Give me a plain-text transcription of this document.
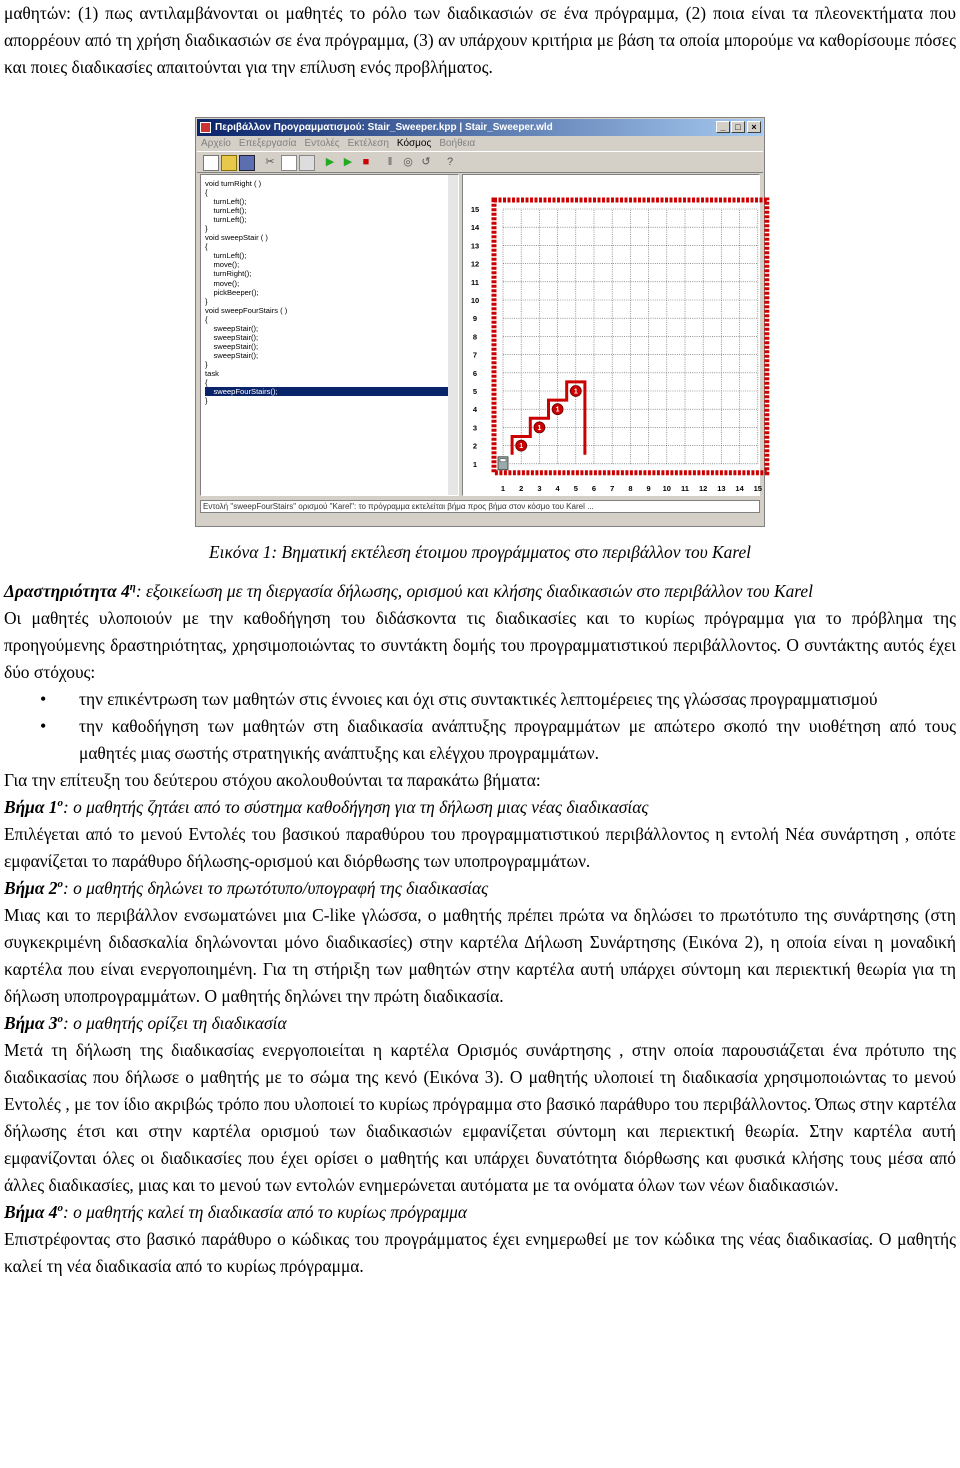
μαθητών: (1) πως αντιλαμβάνονται οι μαθητές το ρόλο των διαδικασιών σε ένα πρόγραμμα, (2) ποια είναι τα πλεονεκτήματα που απορρέουν από τη χρήση διαδικασιών σε ένα πρόγραμμα, (3) αν υπάρχουν κριτήρια με βάση τα οποία μπορούμε να καθορίσουμε πόσες και ποιες διαδικασίες απαιτούνται για την επίλυση ενός προβλήματος.

Περιβάλλον Προγραμματισμού: Stair_Sweeper.kpp | Stair_Sweeper.wld	_	□	×
Αρχείο Επεξεργασία Εντολές Εκτέλεση Κόσμος Βοήθεια
✂	▶ ▶ ■	‖ ◎ ↺	?
void turnRight ( )
{
turnLeft();
turnLeft();
turnLeft();
}
void sweepStair ( )
{
turnLeft();
move();
turnRight();
move();
pickBeeper();
}
void sweepFourStairs ( )
{
sweepStair();
sweepStair();
sweepStair();
sweepStair();
}
task
{
sweepFourStairs();
}

1 2 3 4 5 6 7 8 9 10 11 12 13 14 15
1
2
3
4
5
6
7
8
9
10
11
12
13
14
15
1
1
1
1
Εντολή "sweepFourStairs" ορισμού "Karel": το πρόγραμμα εκτελείται βήμα προς βήμα στον κόσμο του Karel ...

Εικόνα 1: Βηματική εκτέλεση έτοιμου προγράμματος στο περιβάλλον του Karel

Δραστηριότητα $4^\eta$: εξοικείωση με τη διεργασία δήλωσης, ορισμού και κλήσης διαδικασιών στο περιβάλλον του Karel

Οι μαθητές υλοποιούν με την καθοδήγηση του διδάσκοντα τις διαδικασίες και το κυρίως πρόγραμμα για το πρόβλημα της προηγούμενης δραστηριότητας, χρησιμοποιώντας το συντάκτη δομής του προγραμματιστικού περιβάλλοντος. Ο συντάκτης αυτός έχει δύο στόχους:

• την επικέντρωση των μαθητών στις έννοιες και όχι στις συντακτικές λεπτομέρειες της γλώσσας προγραμματισμού
• την καθοδήγηση των μαθητών στη διαδικασία ανάπτυξης προγραμμάτων με απώτερο σκοπό την υιοθέτηση από τους μαθητές μιας σωστής στρατηγικής ανάπτυξης και ελέγχου προγραμμάτων.

Για την επίτευξη του δεύτερου στόχου ακολουθούνται τα παρακάτω βήματα:

Βήμα $1^o$: ο μαθητής ζητάει από το σύστημα καθοδήγηση για τη δήλωση μιας νέας διαδικασίας

Επιλέγεται από το μενού Εντολές του βασικού παραθύρου του προγραμματιστικού περιβάλλοντος η εντολή Νέα συνάρτηση , οπότε εμφανίζεται το παράθυρο δήλωσης-ορισμού και διόρθωσης των υποπρογραμμάτων.

Βήμα $2^o$: ο μαθητής δηλώνει το πρωτότυπο/υπογραφή της διαδικασίας

Μιας και το περιβάλλον ενσωματώνει μια C-like γλώσσα, ο μαθητής πρέπει πρώτα να δηλώσει το πρωτότυπο της συνάρτησης (στη συγκεκριμένη διδασκαλία δηλώνονται μόνο διαδικασίες) στην καρτέλα Δήλωση Συνάρτησης (Εικόνα 2), η οποία είναι η μοναδική καρτέλα που είναι ενεργοποιημένη. Για τη στήριξη των μαθητών στην καρτέλα αυτή υπάρχει σύντομη και περιεκτική θεωρία για τη δήλωση υποπρογραμμάτων. Ο μαθητής δηλώνει την πρώτη διαδικασία.

Βήμα $3^o$: ο μαθητής ορίζει τη διαδικασία

Μετά τη δήλωση της διαδικασίας ενεργοποιείται η καρτέλα Ορισμός συνάρτησης , στην οποία παρουσιάζεται ένα πρότυπο της διαδικασίας που δήλωσε ο μαθητής με το σώμα της κενό (Εικόνα 3). Ο μαθητής υλοποιεί τη διαδικασία χρησιμοποιώντας το μενού Εντολές , με τον ίδιο ακριβώς τρόπο που υλοποιεί το κυρίως πρόγραμμα στο βασικό παράθυρο του περιβάλλοντος. Όπως στην καρτέλα δήλωσης έτσι και στην καρτέλα ορισμού των διαδικασιών εμφανίζεται σύντομη και περιεκτική θεωρία. Στην καρτέλα αυτή εμφανίζονται όλες οι διαδικασίες που έχει ορίσει ο μαθητής και υπάρχει δυνατότητα διόρθωσης και φυσικά κλήσης τους μέσα από άλλες διαδικασίες, μιας και το μενού των εντολών ενημερώνεται αυτόματα με τα ονόματα όλων των νέων διαδικασιών.

Βήμα $4^o$: ο μαθητής καλεί τη διαδικασία από το κυρίως πρόγραμμα

Επιστρέφοντας στο βασικό παράθυρο ο κώδικας του προγράμματος έχει ενημερωθεί με τον κώδικα της νέας διαδικασίας. Ο μαθητής καλεί τη νέα διαδικασία από το κυρίως πρόγραμμα.
